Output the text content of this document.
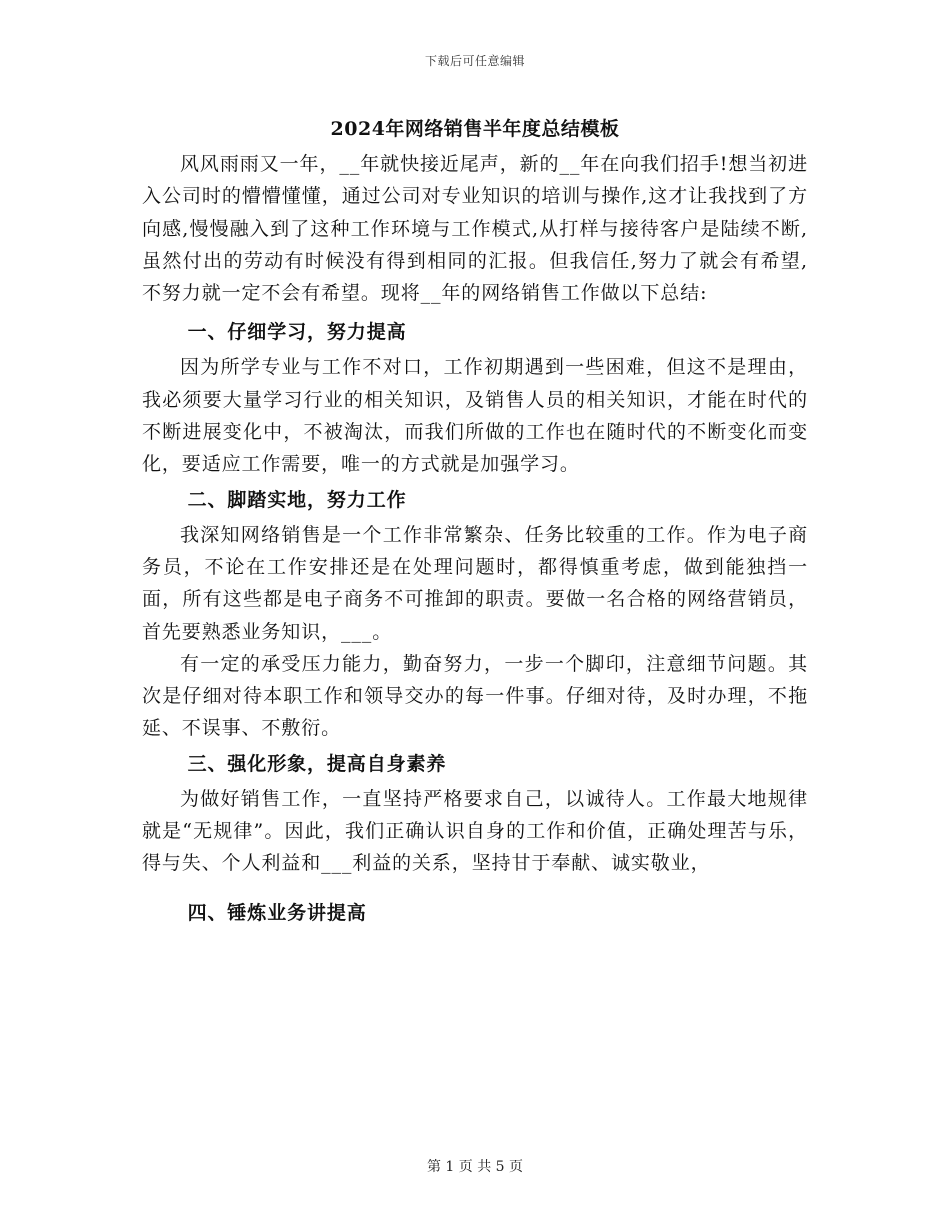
下载后可任意编辑
2024年网络销售半年度总结模板

风风雨雨又一年，__年就快接近尾声，新的__年在向我们招手!想当初进入公司时的懵懵懂懂，通过公司对专业知识的培训与操作,这才让我找到了方向感,慢慢融入到了这种工作环境与工作模式,从打样与接待客户是陆续不断,虽然付出的劳动有时候没有得到相同的汇报。但我信任,努力了就会有希望,不努力就一定不会有希望。现将__年的网络销售工作做以下总结:

一、仔细学习，努力提高

因为所学专业与工作不对口，工作初期遇到一些困难，但这不是理由，我必须要大量学习行业的相关知识，及销售人员的相关知识，才能在时代的不断进展变化中，不被淘汰，而我们所做的工作也在随时代的不断变化而变化，要适应工作需要，唯一的方式就是加强学习。

二、脚踏实地，努力工作

我深知网络销售是一个工作非常繁杂、任务比较重的工作。作为电子商务员，不论在工作安排还是在处理问题时，都得慎重考虑，做到能独挡一面，所有这些都是电子商务不可推卸的职责。要做一名合格的网络营销员，首先要熟悉业务知识，___。

有一定的承受压力能力，勤奋努力，一步一个脚印，注意细节问题。其次是仔细对待本职工作和领导交办的每一件事。仔细对待，及时办理，不拖延、不误事、不敷衍。

三、强化形象，提高自身素养

为做好销售工作，一直坚持严格要求自己，以诚待人。工作最大地规律就是“无规律”。因此，我们正确认识自身的工作和价值，正确处理苦与乐，得与失、个人利益和___利益的关系，坚持甘于奉献、诚实敬业，

四、锤炼业务讲提高
第 1 页 共 5 页
